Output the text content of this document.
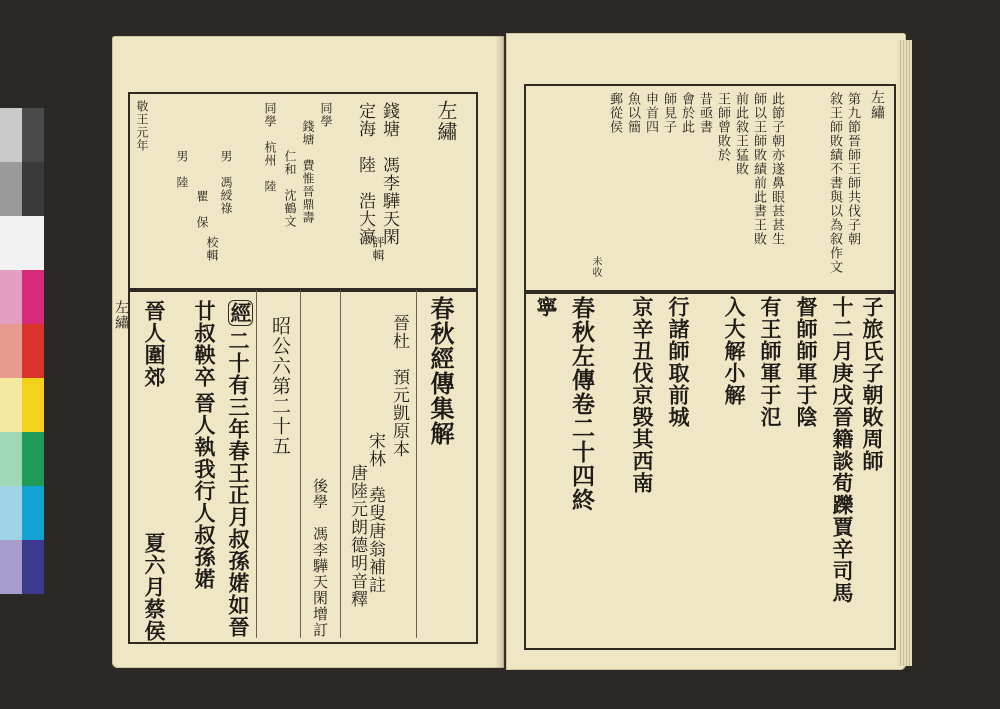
左繡
敬王元年	錢塘　馮李驊天閑
定海　陸　浩大瀛
同學
錢塘　費惟晉鼎壽
仁和　沈鶴文
同學　杭州　陸
男　馮綬祿
瞿　保
男　陸
評輯
校輯
春秋經傳集解
晉杜　預元凱原本
宋林　堯叟唐翁補註
唐陸元朗德明音釋
後學　馮李驊天閑增訂
昭公六第二十五
經
二十有三年春王正月叔孫婼如晉
廿叔鞅卒
晉人執我行人叔孫婼
晉人圍郊
夏六月蔡侯
左繡
左繡
第九節晉師王師共伐子朝
敘王師敗績不書與以為叙作文
此節子朝亦遂鼻眼甚甚生
師以王師敗績前此書王敗
前此敘王猛敗
王師曾敗於
昔亟書
會於此
師見子
申首四
魚以簡
郵從侯
未收
子旅氏子朝敗周師
十二月庚戌晉籍談荀躒賈辛司馬
督師師軍于陰
有王師軍于氾
入大解小解
行諸師取前城
京辛丑伐京毁其西南
春秋左傳卷二十四終
寧
